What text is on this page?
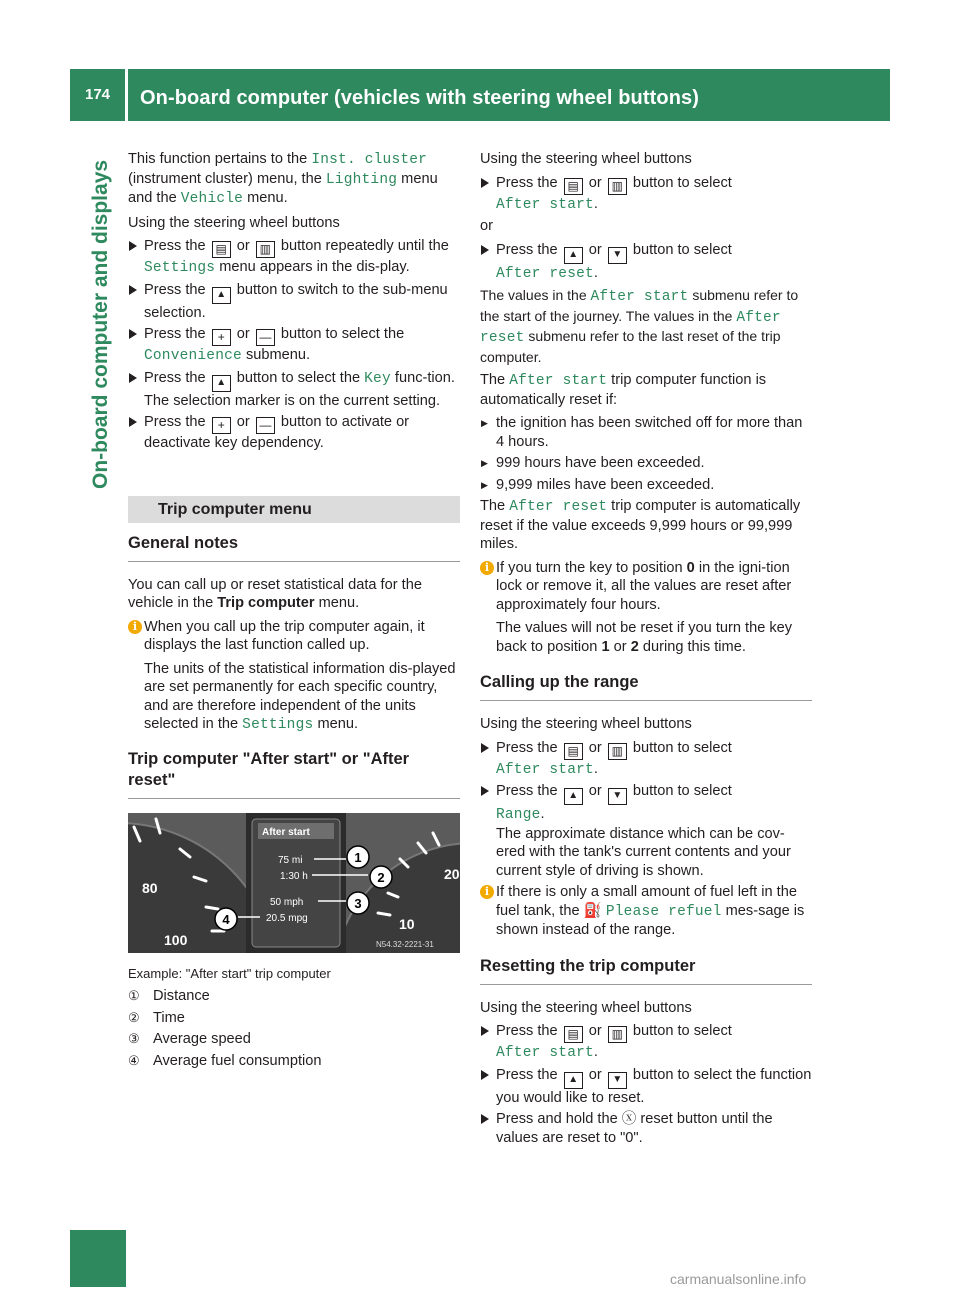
174	On-board computer (vehicles with steering wheel buttons)
On-board computer and displays

This function pertains to the Inst. cluster
(instrument cluster) menu, the Lighting menu and the Vehicle menu.

Using the steering wheel buttons

Press the ▤ or ▥ button repeatedly until the Settings menu appears in the dis-play.
Press the ▲ button to switch to the sub-menu selection.
Press the + or — button to select the Convenience submenu.
Press the ▲ button to select the Key func-tion.
The selection marker is on the current setting.
Press the + or — button to activate or deactivate key dependency.
Trip computer menu
General notes

You can call up or reset statistical data for the vehicle in the Trip computer menu.

i When you call up the trip computer again, it displays the last function called up.

The units of the statistical information dis-played are set permanently for each specific country, and are therefore independent of the units selected in the Settings menu.

Trip computer "After start" or "After reset"
80
100
20
10
After start
75 mi
1:30 h
50 mph
20.5 mpg
1
2
3
4
N54.32-2221-31

Example: "After start" trip computer

① Distance
② Time
③ Average speed
④ Average fuel consumption

Using the steering wheel buttons

Press the ▤ or ▥ button to select
After start.

or

Press the ▲ or ▼ button to select
After reset.

The values in the After start submenu refer to the start of the journey. The values in the After reset submenu refer to the last reset of the trip computer.

The After start trip computer function is automatically reset if:

▶ the ignition has been switched off for more than 4 hours.
▶ 999 hours have been exceeded.
▶ 9,999 miles have been exceeded.

The After reset trip computer is automatically reset if the value exceeds 9,999 hours or 99,999 miles.

i If you turn the key to position 0 in the igni-tion lock or remove it, all the values are reset after approximately four hours.

The values will not be reset if you turn the key back to position 1 or 2 during this time.

Calling up the range

Using the steering wheel buttons

Press the ▤ or ▥ button to select
After start.
Press the ▲ or ▼ button to select
Range.
The approximate distance which can be cov-ered with the tank's current contents and your current style of driving is shown.
i If there is only a small amount of fuel left in the fuel tank, the ⛽ Please refuel mes-sage is shown instead of the range.

Resetting the trip computer

Using the steering wheel buttons

Press the ▤ or ▥ button to select
After start.
Press the ▲ or ▼ button to select the function you would like to reset.
Press and hold the ⓧ reset button until the values are reset to "0".
carmanualsonline.info
